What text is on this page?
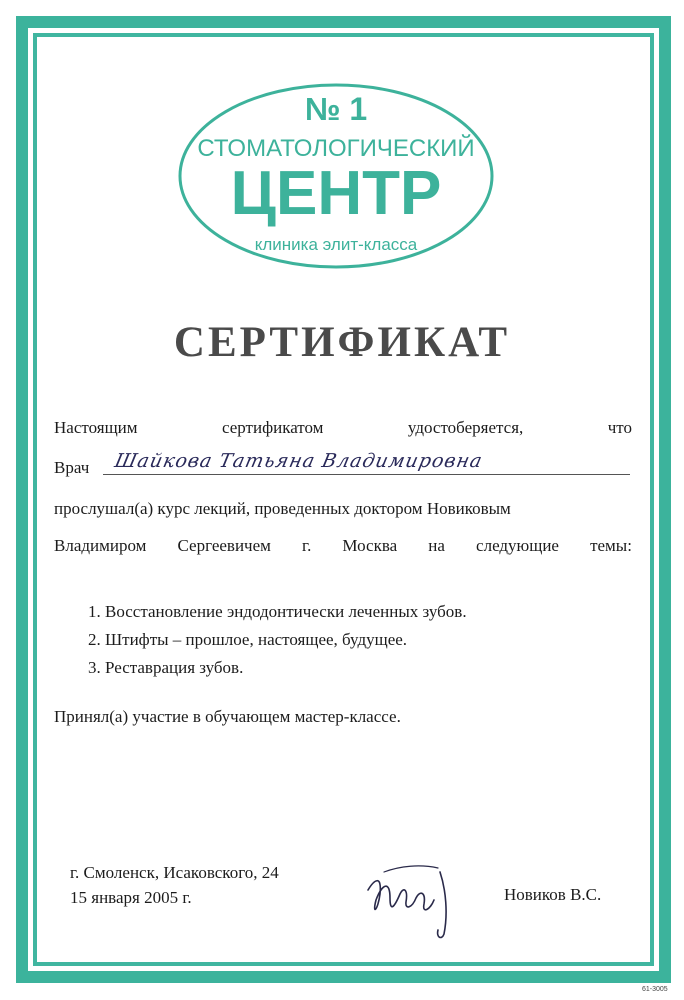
№ 1
СТОМАТОЛОГИЧЕСКИЙ
ЦЕНТР
клиника элит-класса
СЕРТИФИКАТ
Настоящим	сертификатом	удостоберяется,	что
Врач Шайкова Татьяна Владимировна
прослушал(а) курс лекций, проведенных доктором Новиковым
Владимиром Сергеевичем г. Москва на следующие темы:
1. Восстановление эндодонтически леченных зубов.
2. Штифты – прошлое, настоящее, будущее.
3. Реставрация зубов.
Принял(а) участие в обучающем мастер-классе.
г. Смоленск, Исаковского, 24
15 января 2005 г.	Новиков В.С.
61-3005
